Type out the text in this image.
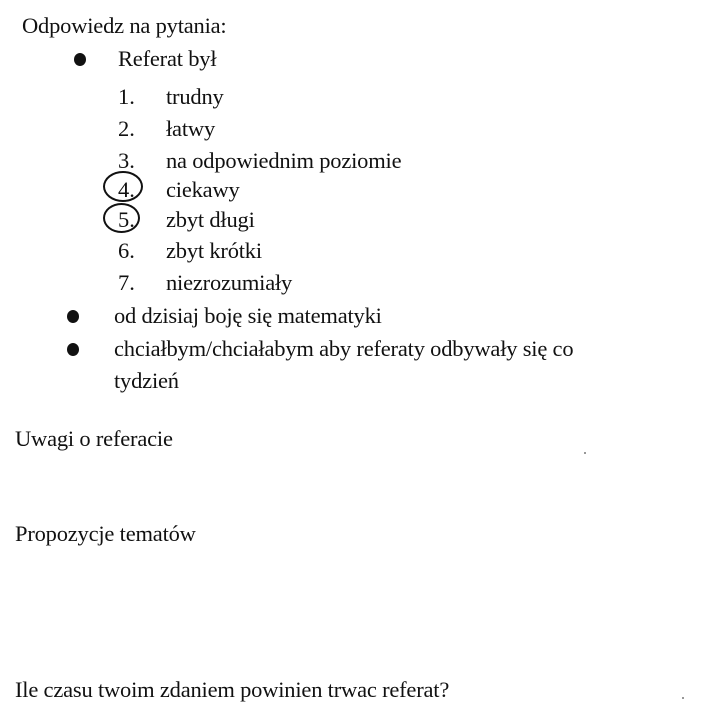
Odpowiedz na pytania:
Referat był
1. trudny
2. łatwy
3. na odpowiednim poziomie
4. ciekawy
5. zbyt długi
6. zbyt krótki
7. niezrozumiały
od dzisiaj boję się matematyki
chciałbym/chciałabym aby referaty odbywały się co
tydzień
Uwagi o referacie
Propozycje tematów
Ile czasu twoim zdaniem powinien trwac referat?
